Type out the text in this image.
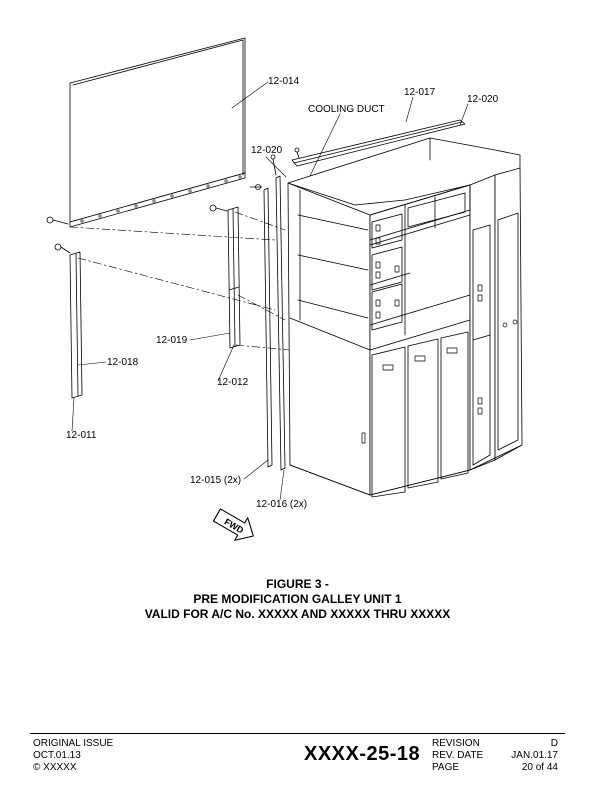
FWD
12-014
12-017
12-020
COOLING DUCT
12-020
12-019
12-018
12-012
12-011
12-015 (2x)
12-016 (2x)
FIGURE 3 -
PRE MODIFICATION GALLEY UNIT 1
VALID FOR A/C No. XXXXX AND XXXXX THRU XXXXX
ORIGINAL ISSUE
OCT.01.13
© XXXXX
XXXX-25-18 REVISION
REV. DATE
PAGE
D
JAN.01.17
20 of 44
